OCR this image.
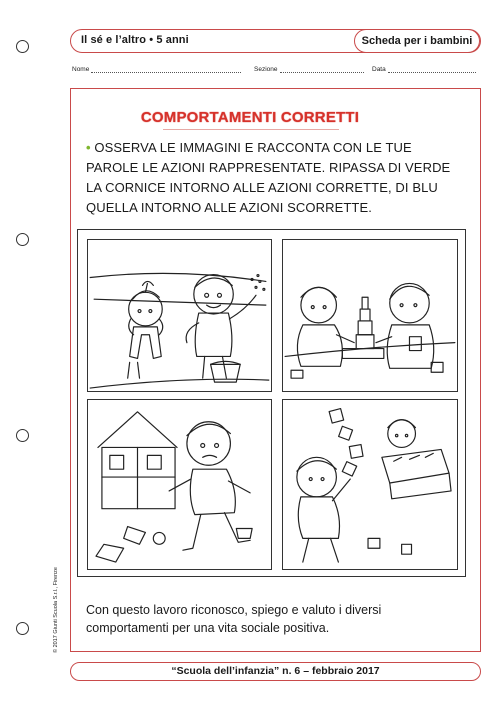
Il sé e l’altro • 5 anni	Scheda per i bambini
Nome	Sezione	Data
COMPORTAMENTI CORRETTI
• OSSERVA LE IMMAGINI E RACCONTA CON LE TUE PAROLE LE AZIONI RAPPRESENTATE. RIPASSA DI VERDE LA CORNICE INTORNO ALLE AZIONI CORRETTE, DI BLU QUELLA INTORNO ALLE AZIONI SCORRETTE.
Con questo lavoro riconosco, spiego e valuto i diversi comportamenti per una vita sociale positiva.
© 2017 Giunti Scuola S.r.l., Firenze
“Scuola dell’infanzia” n. 6 – febbraio 2017
